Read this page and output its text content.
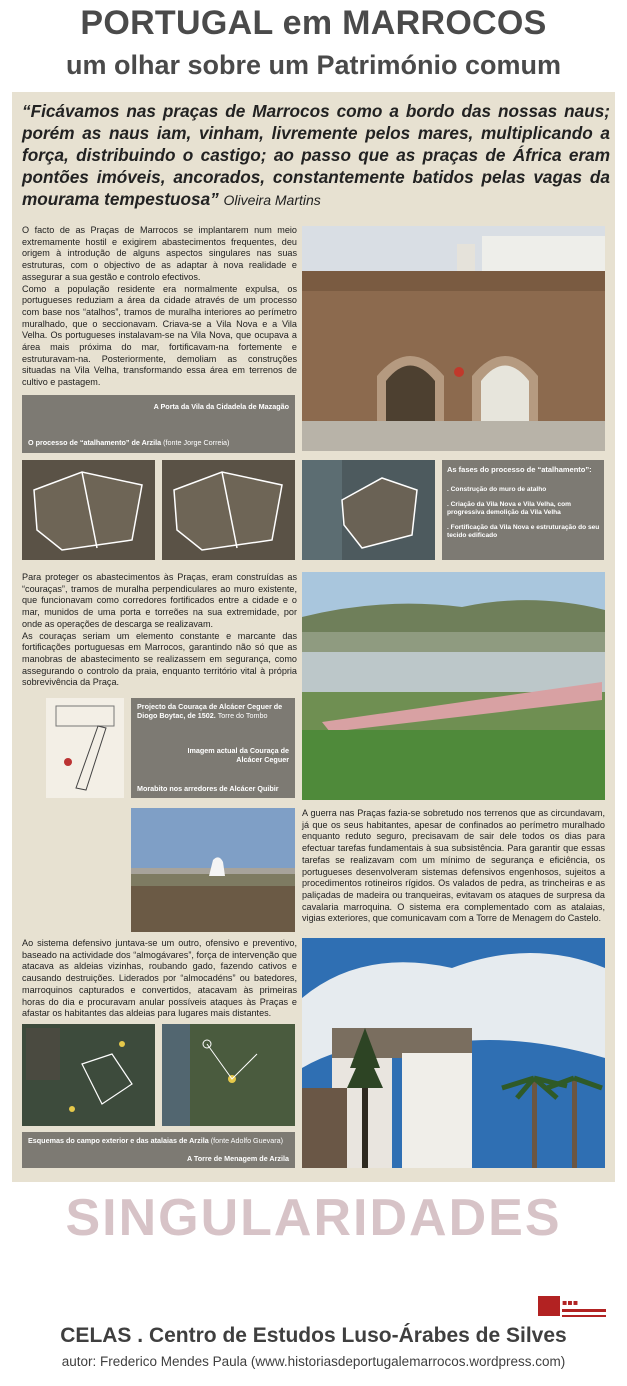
PORTUGAL em MARROCOS
um olhar sobre um Património comum
“Ficávamos nas praças de Marrocos como a bordo das nossas naus; porém as naus iam, vinham, livremente pelos mares, multiplicando a força, distribuindo o castigo; ao passo que as praças de África eram pontões imóveis, ancorados, constantemente batidos pelas vagas da mourama tempestuosa” Oliveira Martins
O facto de as Praças de Marrocos se implantarem num meio extremamente hostil e exigirem abastecimentos frequentes, deu origem à introdução de alguns aspectos singulares nas suas estruturas, com o objectivo de as adaptar à nova realidade e assegurar a sua gestão e controlo efectivos.
Como a população residente era normalmente expulsa, os portugueses reduziam a área da cidade através de um processo com base nos “atalhos”, tramos de muralha interiores ao perímetro muralhado, que o seccionavam. Criava-se a Vila Nova e a Vila Velha. Os portugueses instalavam-se na Vila Nova, que ocupava a área mais próxima do mar, fortificavam-na fortemente e estruturavam-na. Posteriormente, demoliam as construções situadas na Vila Velha, transformando essa área em terrenos de cultivo e pastagem.
A Porta da Vila da Cidadela de Mazagão
O processo de “atalhamento” de Arzila (fonte Jorge Correia)
As fases do processo de “atalhamento”:
. Construção do muro de atalho
. Criação da Vila Nova e Vila Velha, com progressiva demolição da Vila Velha
. Fortificação da Vila Nova e estruturação do seu tecido edificado
Para proteger os abastecimentos às Praças, eram construídas as “couraças”, tramos de muralha perpendiculares ao muro existente, que funcionavam como corredores fortificados entre a cidade e o mar, munidos de uma porta e torreões na sua extremidade, por onde as operações de descarga se realizavam.
As couraças seriam um elemento constante e marcante das fortificações portuguesas em Marrocos, garantindo não só que as manobras de abastecimento se realizassem em segurança, como assegurando o controlo da praia, enquanto território vital à própria sobrevivência da Praça.
Projecto da Couraça de Alcácer Ceguer de Diogo Boytac, de 1502. Torre do Tombo
Imagem actual da Couraça de Alcácer Ceguer
Morabito nos arredores de Alcácer Quibir
A guerra nas Praças fazia-se sobretudo nos terrenos que as circundavam, já que os seus habitantes, apesar de confinados ao perímetro muralhado enquanto reduto seguro, precisavam de sair dele todos os dias para efectuar tarefas fundamentais à sua subsistência. Para garantir que essas tarefas se realizavam com um mínimo de segurança e eficiência, os portugueses desenvolveram sistemas defensivos engenhosos, sujeitos a procedimentos rotineiros rígidos. Os valados de pedra, as trincheiras e as paliçadas de madeira ou tranqueiras, evitavam os ataques de surpresa da cavalaria marroquina. O sistema era complementado com as atalaias, vigias exteriores, que comunicavam com a Torre de Menagem do Castelo.
Ao sistema defensivo juntava-se um outro, ofensivo e preventivo, baseado na actividade dos “almogávares”, força de intervenção que atacava as aldeias vizinhas, roubando gado, fazendo cativos e causando destruições. Liderados por “almocadéns” ou batedores, marroquinos capturados e convertidos, atacavam às primeiras horas do dia e procuravam anular possíveis ataques às Praças e afastar os habitantes das aldeias para lugares mais distantes.
Esquemas do campo exterior e das atalaias de Arzila (fonte Adolfo Guevara)
A Torre de Menagem de Arzila
SINGULARIDADES
▪▪▪
CELAS . Centro de Estudos Luso-Árabes de Silves
autor: Frederico Mendes Paula (www.historiasdeportugalemarrocos.wordpress.com)
